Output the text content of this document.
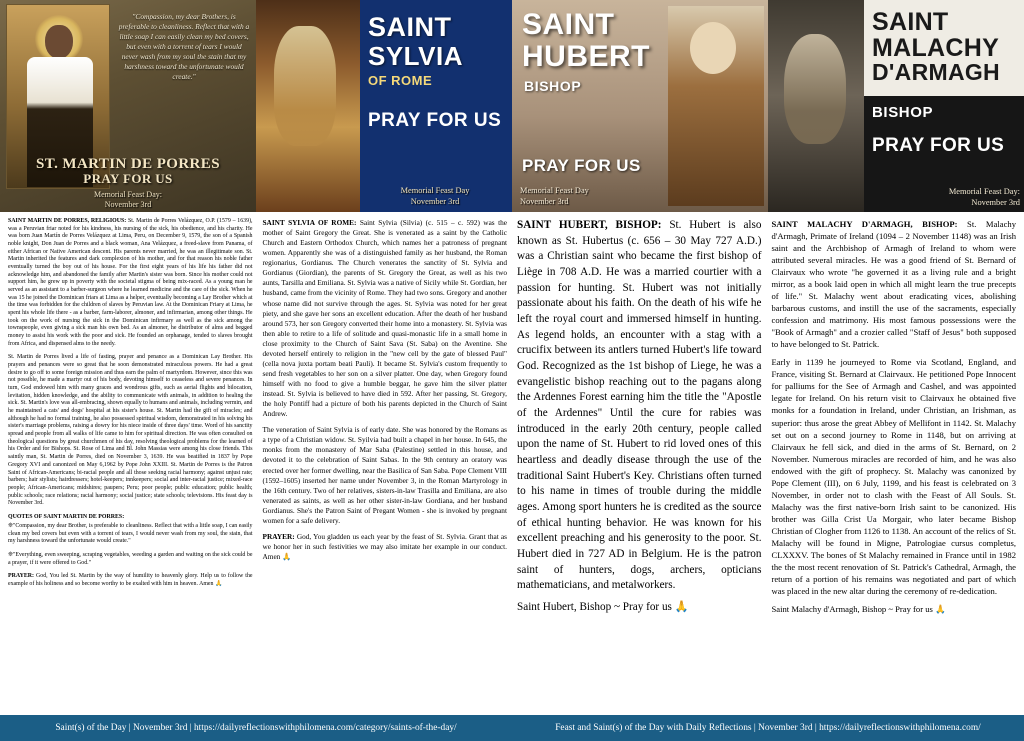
"Compassion, my dear Brothers, is preferable to cleanliness. Reflect that with a little soap I can easily clean my bed covers, but even with a torrent of tears I would never wash from my soul the stain that my harshness toward the unfortunate would create."
ST. MARTIN DE PORRES
PRAY FOR US
Memorial Feast Day:
November 3rd
SAINT
SYLVIA
OF ROME
PRAY FOR US
Memorial Feast Day
November 3rd
SAINT
HUBERT
BISHOP
PRAY FOR US
Memorial Feast Day
November 3rd
SAINT
MALACHY
D'ARMAGH
BISHOP
PRAY FOR US
Memorial Feast Day:
November 3rd

SAINT MARTIN DE PORRES, RELIGIOUS: St. Martin de Porres Velázquez, O.P. (1579 – 1639), was a Peruvian friar noted for his kindness, his nursing of the sick, his obedience, and his charity. He was born Juan Martín de Porres Velázquez at Lima, Peru, on December 9, 1579, the son of a Spanish noble knight, Don Juan de Porres and a black woman, Ana Velázquez, a freed-slave from Panama, of either African or Native American descent. His parents never married, he was an illegitimate son. St. Martin inherited the features and dark complexion of his mother, and for that reason his noble father eventually turned the boy out of his house. For the first eight years of his life his father did not acknowledge him, and abandoned the family after Martin's sister was born. Since his mother could not support him, he grew up in poverty with the societal stigma of being mix-raced. As a young man he served as an assistant to a barber-surgeon where he learned medicine and the care of the sick. When he was 15 he joined the Dominican friars at Lima as a helper, eventually becoming a Lay Brother which at the time was forbidden for the children of slaves by Peruvian law. At the Dominican Friary at Lima, he spent his whole life there - as a barber, farm-laborer, almoner, and infirmarian, among other things. He took on the work of nursing the sick in the Dominican infirmary as well as the sick among the townspeople, even giving a sick man his own bed. As an almoner, he distributor of alms and begged money to assist his work with the poor and sick. He founded an orphanage, tended to slaves brought from Africa, and dispensed alms to the needy.

St. Martin de Porres lived a life of fasting, prayer and penance as a Dominican Lay Brother. His prayers and penances were so great that he soon demonstrated miraculous powers. He had a great desire to go off to some foreign mission and thus earn the palm of martyrdom. However, since this was not possible, he made a martyr out of his body, devoting himself to ceaseless and severe penances. In turn, God endowed him with many graces and wondrous gifts, such as aerial flights and bilocation, levitation, hidden knowledge, and the ability to communicate with animals, in addition to healing the sick. St. Martin's love was all-embracing, shown equally to humans and animals, including vermin, and he maintained a cats' and dogs' hospital at his sister's house. St. Martin had the gift of miracles; and although he had no formal training, he also possessed spiritual wisdom, demonstrated in his solving his sister's marriage problems, raising a dowry for his niece inside of three days' time. Word of his sanctity spread and people from all walks of life came to him for spiritual direction. He was often consulted on theological questions by great churchmen of his day, resolving theological problems for the learned of his Order and for Bishops. St. Rose of Lima and Bl. John Massias were among his close friends. This saintly man, St. Martin de Porres, died on November 3, 1639. He was beatified in 1837 by Pope Gregory XVI and canonized on May 6,1962 by Pope John XXIII. St. Martin de Porres is the Patron Saint of African-Americans; bi-racial people and all those seeking racial harmony; against unjust rate; barbers; hair stylists; hairdressers; hotel-keepers; innkeepers; social and inter-racial justice; mixed-race people; African-Americans; midshires; paupers; Peru; poor people; public education; public health; public schools; race relations; racial harmony; social justice; state schools; televisions. His feast day is November 3rd.

QUOTES OF SAINT MARTIN DE PORRES:

❊"Compassion, my dear Brother, is preferable to cleanliness. Reflect that with a little soap, I can easily clean my bed covers but even with a torrent of tears, I would never wash from my soul, the stain, that my harshness toward the unfortunate would create."

❊"Everything, even sweeping, scraping vegetables, weeding a garden and waiting on the sick could be a prayer, if it were offered to God."

PRAYER: God, You led St. Martin by the way of humility to heavenly glory. Help us to follow the example of his holiness and so become worthy to be exalted with him in heaven. Amen 🙏

SAINT SYLVIA OF ROME: Saint Sylvia (Silvia) (c. 515 – c. 592) was the mother of Saint Gregory the Great. She is venerated as a saint by the Catholic Church and Eastern Orthodox Church, which names her a patroness of pregnant women. Apparently she was of a distinguished family as her husband, the Roman regionarius, Gordianus. The Church venerates the sanctity of St. Sylvia and Gordianus (Giordian), the parents of St. Gregory the Great, as well as his two aunts, Tarsilla and Emiliana. St. Sylvia was a native of Sicily while St. Gordian, her husband, came from the vicinity of Rome. They had two sons. Gregory and another whose name did not survive through the ages. St. Sylvia was noted for her great piety, and she gave her sons an excellent education. After the death of her husband around 573, her son Gregory converted their home into a monastery. St. Sylvia was then able to retire to a life of solitude and quasi-monastic life in a small home in close proximity to the Church of Saint Sava (St. Saba) on the Aventine. She devoted herself entirely to religion in the "new cell by the gate of blessed Paul" (cella nova juxta portam beati Pauli). It became St. Sylvia's custom frequently to send fresh vegetables to her son on a silver platter. One day, when Gregory found himself with no food to give a humble beggar, he gave him the silver platter instead. St. Sylvia is believed to have died in 592. After her passing, St. Gregory, the holy Pontiff had a picture of both his parents depicted in the Church of Saint Andrew.

The veneration of Saint Sylvia is of early date. She was honored by the Romans as a type of a Christian widow. St. Syilvia had built a chapel in her house. In 645, the monks from the monastery of Mar Saba (Palestine) settled in this house, and devoted it to the celebration of Saint Sabas. In the 9th century an oratory was erected over her former dwelling, near the Basilica of San Saba. Pope Clement VIII (1592–1605) inserted her name under November 3, in the Roman Martyrology in the 16th century. Two of her relatives, sisters-in-law Trasilla and Emiliana, are also venerated as saints, as well as her other sister-in-law Gordiana, and her husband Gordianus. She's the Patron Saint of Pregant Women - she is invoked by pregnant women for a safe delivery.

PRAYER: God, You gladden us each year by the feast of St. Sylvia. Grant that as we honor her in such festivities we may also imitate her example in our conduct. Amen 🙏

SAINT HUBERT, BISHOP: St. Hubert is also known as St. Hubertus (c. 656 – 30 May 727 A.D.) was a Christian saint who became the first bishop of Liège in 708 A.D. He was a married courtier with a passion for hunting. St. Hubert was not initially passionate about his faith. On the death of his wife he left the royal court and immersed himself in hunting. As legend holds, an encounter with a stag with a crucifix between its antlers turned Hubert's life toward God. Recognized as the 1st bishop of Liege, he was a evangelistic bishop reaching out to the pagans along the Ardennes Forest earning him the title the "Apostle of the Ardennes" Until the cure for rabies was introduced in the early 20th century, people called upon the name of St. Hubert to rid loved ones of this heartless and deadly disease through the use of the traditional Saint Hubert's Key. Christians often turned to his name in times of trouble during the middle ages. Among sport hunters he is credited as the source of ethical hunting behavior. He was known for his excellent preaching and his generosity to the poor. St. Hubert died in 727 AD in Belgium. He is the patron saint of hunters, dogs, archers, opticians mathematicians, and metalworkers.

Saint Hubert, Bishop ~ Pray for us 🙏

SAINT MALACHY D'ARMAGH, BISHOP: St. Malachy d'Armagh, Primate of Ireland (1094 – 2 November 1148) was an Irish saint and the Archbishop of Armagh of Ireland to whom were attributed several miracles. He was a good friend of St. Bernard of Clairvaux who wrote "he governed it as a living rule and a bright mirror, as a book laid open in which all might learn the true precepts of life." St. Malachy went about eradicating vices, abolishing barbarous customs, and instill the use of the sacraments, especially confession and matrimony. His most famous possessions were the "Book of Armagh" and a crozier called "Staff of Jesus" both supposed to have belonged to St. Patrick.

Early in 1139 he journeyed to Rome via Scotland, England, and France, visiting St. Bernard at Clairvaux. He petitioned Pope Innocent for palliums for the See of Armagh and Cashel, and was appointed legate for Ireland. On his return visit to Clairvaux he obtained five monks for a foundation in Ireland, under Christian, an Irishman, as superior: thus arose the great Abbey of Mellifont in 1142. St. Malachy set out on a second journey to Rome in 1148, but on arriving at Clairvaux he fell sick, and died in the arms of St. Bernard, on 2 November. Numerous miracles are recorded of him, and he was also endowed with the gift of prophecy. St. Malachy was canonized by Pope Clement (III), on 6 July, 1199, and his feast is celebrated on 3 November, in order not to clash with the Feast of All Souls. St. Malachy was the first native-born Irish saint to be canonized. His brother was Gilla Crist Ua Morgair, who later became Bishop Christian of Clogher from 1126 to 1138. An account of the relics of St. Malachy will be found in Migne, Patrologiae cursus completus, CLXXXV. The bones of St Malachy remained in France until in 1982 the the most recent renovation of St. Patrick's Cathedral, Armagh, the return of a portion of his remains was negotiated and part of which was placed in the new altar during the ceremony of re-dedication.

Saint Malachy d'Armagh, Bishop ~ Pray for us 🙏

Saint(s) of the Day | November 3rd | https://dailyreflectionswithphilomena.com/category/saints-of-the-day/	Feast and Saint(s) of the Day with Daily Reflections | November 3rd | https://dailyreflectionswithphilomena.com/
